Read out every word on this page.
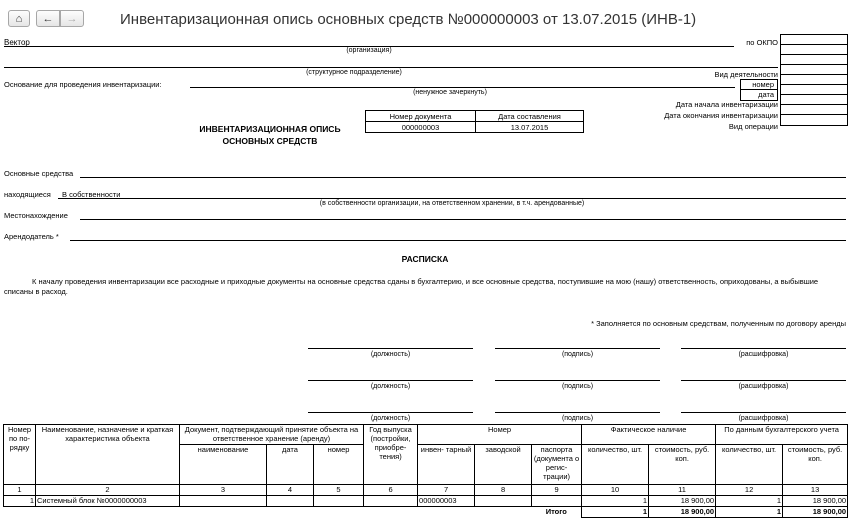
⌂ ← →	Инвентаризационная опись основных средств №000000003 от 13.07.2015 (ИНВ-1)
Вектор
(организация)
по ОКПО
(структурное подразделение)	Вид деятельности
Основание для проведения инвентаризации:
(ненужное зачеркнуть)
номер
дата
Дата начала инвентаризации
Дата окончания инвентаризации
Вид операции
Номер документа	Дата составления
000000003	13.07.2015
ИНВЕНТАРИЗАЦИОННАЯ ОПИСЬ
ОСНОВНЫХ СРЕДСТВ
Основные средства
находящиеся В собственности
(в собственности организации, на ответственном хранении, в т.ч. арендованные)
Местонахождение
Арендодатель *
РАСПИСКА
К началу проведения инвентаризации все расходные и приходные документы на основные средства сданы в бухгалтерию, и все основные средства, поступившие на мою (нашу) ответственность, оприходованы, а выбывшие списаны в расход.
* Заполняется по основным средствам, полученным по договору аренды
(должность)	(подпись)	(расшифровка)
(должность)	(подпись)	(расшифровка)
(должность)	(подпись)	(расшифровка)
Номер по по- рядку	Наименование, назначение и краткая характеристика объекта	Документ, подтверждающий принятие объекта на ответственное хранение (аренду)			Год выпуска (постройки, приобре- тения)	Номер			Фактическое наличие		По данным бухгалтерского учета	
		наименование	дата	номер		инвен- тарный	заводской	паспорта (документа о регис- трации)	количество, шт.	стоимость, руб. коп.	количество, шт.	стоимость, руб. коп.
1	2	3	4	5	6	7	8	9	10	11	12	13
1	Системный блок №0000000003					000000003			1	18 900,00	1	18 900,00
								Итого	1	18 900,00	1	18 900,00
